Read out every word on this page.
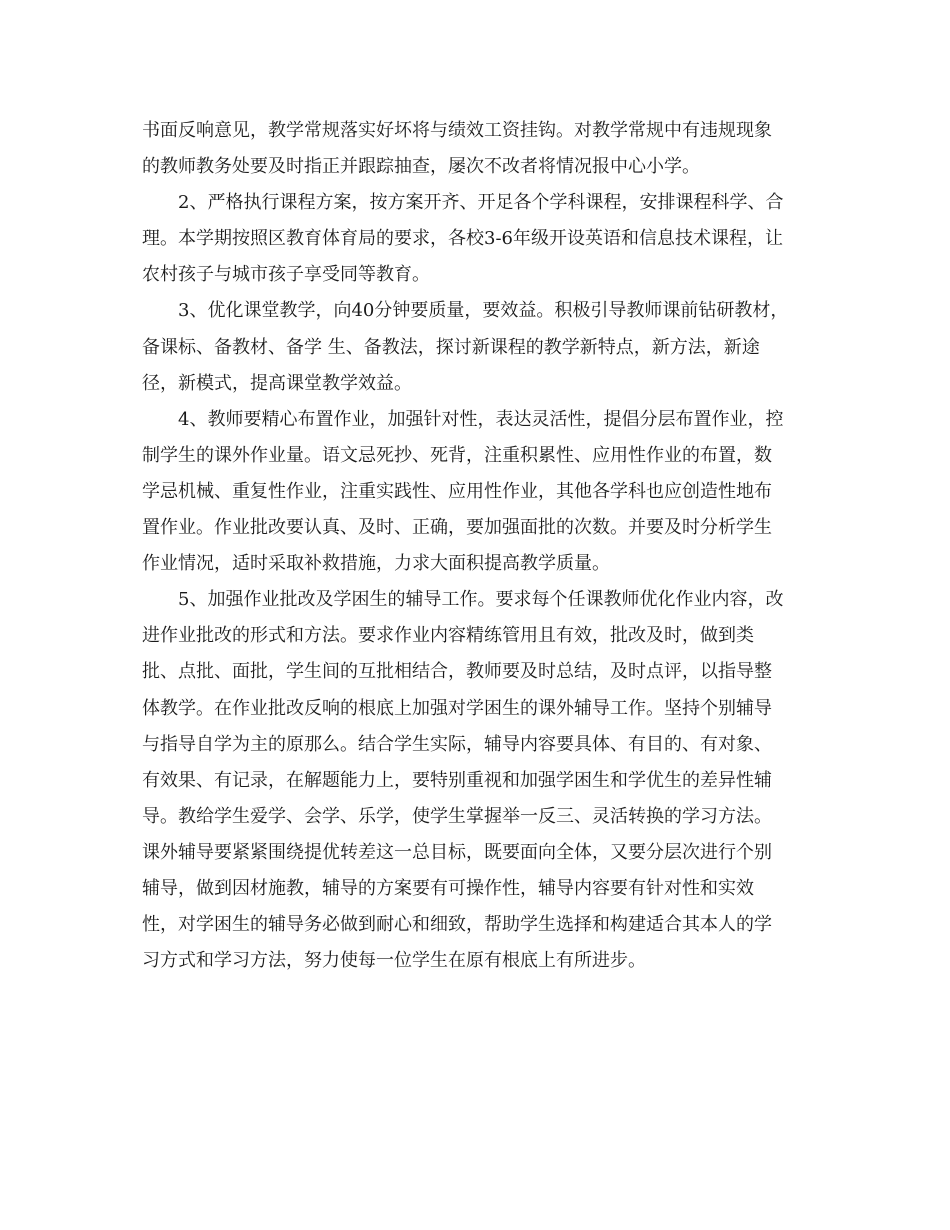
书面反响意见，教学常规落实好坏将与绩效工资挂钩。对教学常规中有违规现象
的教师教务处要及时指正并跟踪抽查，屡次不改者将情况报中心小学。
　　2、严格执行课程方案，按方案开齐、开足各个学科课程，安排课程科学、合
理。本学期按照区教育体育局的要求，各校3-6年级开设英语和信息技术课程，让
农村孩子与城市孩子享受同等教育。
　　3、优化课堂教学，向40分钟要质量，要效益。积极引导教师课前钻研教材，
备课标、备教材、备学 生、备教法，探讨新课程的教学新特点，新方法，新途
径，新模式，提高课堂教学效益。
　　4、教师要精心布置作业，加强针对性，表达灵活性，提倡分层布置作业，控
制学生的课外作业量。语文忌死抄、死背，注重积累性、应用性作业的布置，数
学忌机械、重复性作业，注重实践性、应用性作业，其他各学科也应创造性地布
置作业。作业批改要认真、及时、正确，要加强面批的次数。并要及时分析学生
作业情况，适时采取补救措施，力求大面积提高教学质量。
　　5、加强作业批改及学困生的辅导工作。要求每个任课教师优化作业内容，改
进作业批改的形式和方法。要求作业内容精练管用且有效，批改及时，做到类
批、点批、面批，学生间的互批相结合，教师要及时总结，及时点评，以指导整
体教学。在作业批改反响的根底上加强对学困生的课外辅导工作。坚持个别辅导
与指导自学为主的原那么。结合学生实际，辅导内容要具体、有目的、有对象、
有效果、有记录，在解题能力上，要特别重视和加强学困生和学优生的差异性辅
导。教给学生爱学、会学、乐学，使学生掌握举一反三、灵活转换的学习方法。
课外辅导要紧紧围绕提优转差这一总目标，既要面向全体，又要分层次进行个别
辅导，做到因材施教，辅导的方案要有可操作性，辅导内容要有针对性和实效
性，对学困生的辅导务必做到耐心和细致，帮助学生选择和构建适合其本人的学
习方式和学习方法，努力使每一位学生在原有根底上有所进步。
